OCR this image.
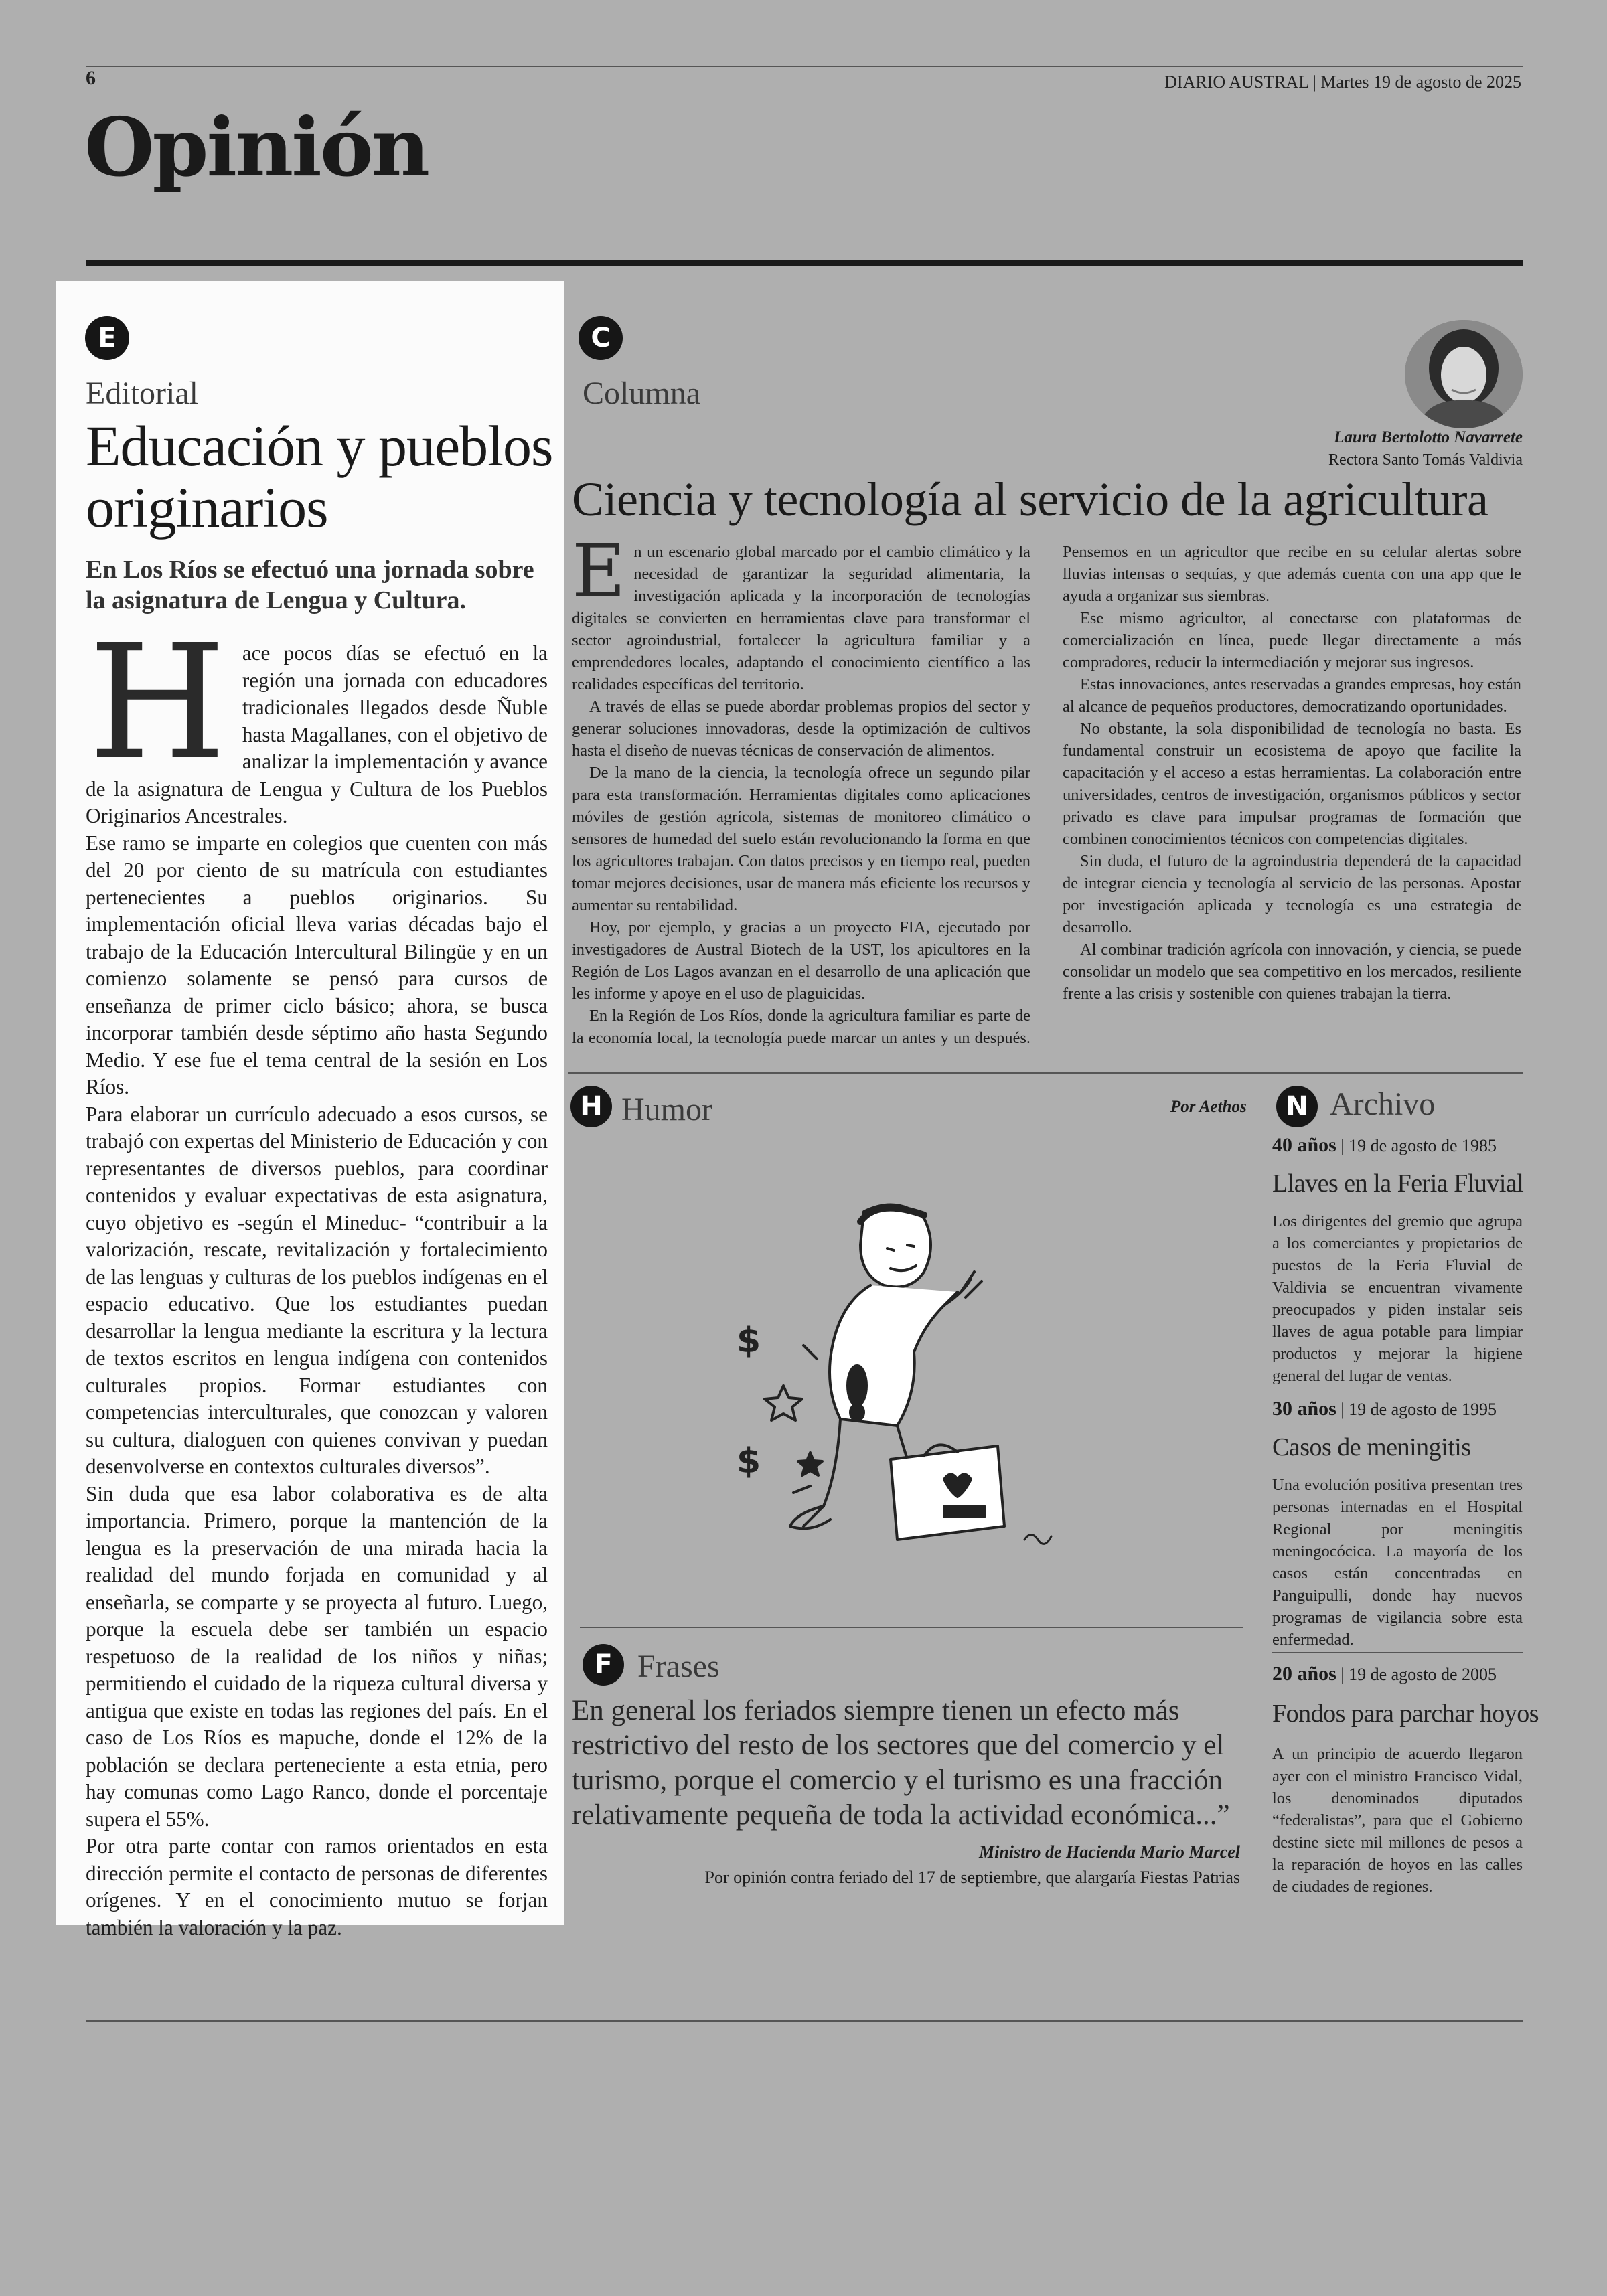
6	DIARIO AUSTRAL | Martes 19 de agosto de 2025
Opinión
E
Editorial
Educación y pueblos originarios
En Los Ríos se efectuó una jornada sobre la asignatura de Lengua y Cultura.
H ace pocos días se efectuó en la región una jornada con educadores tradicionales llegados desde Ñuble hasta Magallanes, con el objetivo de analizar la implementación y avance de la asignatura de Lengua y Cultura de los Pueblos Originarios Ancestrales.

Ese ramo se imparte en colegios que cuenten con más del 20 por ciento de su matrícula con estudiantes pertenecientes a pueblos originarios. Su implementación oficial lleva varias décadas bajo el trabajo de la Educación Intercultural Bilingüe y en un comienzo solamente se pensó para cursos de enseñanza de primer ciclo básico; ahora, se busca incorporar también desde séptimo año hasta Segundo Medio. Y ese fue el tema central de la sesión en Los Ríos.

Para elaborar un currículo adecuado a esos cursos, se trabajó con expertas del Ministerio de Educación y con representantes de diversos pueblos, para coordinar contenidos y evaluar expectativas de esta asignatura, cuyo objetivo es -según el Mineduc- “contribuir a la valorización, rescate, revitalización y fortalecimiento de las lenguas y culturas de los pueblos indígenas en el espacio educativo. Que los estudiantes puedan desarrollar la lengua mediante la escritura y la lectura de textos escritos en lengua indígena con contenidos culturales propios. Formar estudiantes con competencias interculturales, que conozcan y valoren su cultura, dialoguen con quienes convivan y puedan desenvolverse en contextos culturales diversos”.

Sin duda que esa labor colaborativa es de alta importancia. Primero, porque la mantención de la lengua es la preservación de una mirada hacia la realidad del mundo forjada en comunidad y al enseñarla, se comparte y se proyecta al futuro. Luego, porque la escuela debe ser también un espacio respetuoso de la realidad de los niños y niñas; permitiendo el cuidado de la riqueza cultural diversa y antigua que existe en todas las regiones del país. En el caso de Los Ríos es mapuche, donde el 12% de la población se declara perteneciente a esta etnia, pero hay comunas como Lago Ranco, donde el porcentaje supera el 55%.

Por otra parte contar con ramos orientados en esta dirección permite el contacto de personas de diferentes orígenes. Y en el conocimiento mutuo se forjan también la valoración y la paz.

C
Columna
Laura Bertolotto Navarrete
Rectora Santo Tomás Valdivia
Ciencia y tecnología al servicio de la agricultura
E n un escenario global marcado por el cambio climático y la necesidad de garantizar la seguridad alimentaria, la investigación aplicada y la incorporación de tecnologías digitales se convierten en herramientas clave para transformar el sector agroindustrial, fortalecer la agricultura familiar y a emprendedores locales, adaptando el conocimiento científico a las realidades específicas del territorio.

A través de ellas se puede abordar problemas propios del sector y generar soluciones innovadoras, desde la optimización de cultivos hasta el diseño de nuevas técnicas de conservación de alimentos.

De la mano de la ciencia, la tecnología ofrece un segundo pilar para esta transformación. Herramientas digitales como aplicaciones móviles de gestión agrícola, sistemas de monitoreo climático o sensores de humedad del suelo están revolucionando la forma en que los agricultores trabajan. Con datos precisos y en tiempo real, pueden tomar mejores decisiones, usar de manera más eficiente los recursos y aumentar su rentabilidad.

Hoy, por ejemplo, y gracias a un proyecto FIA, ejecutado por investigadores de Austral Biotech de la UST, los apicultores en la Región de Los Lagos avanzan en el desarrollo de una aplicación que les informe y apoye en el uso de plaguicidas.

En la Región de Los Ríos, donde la agricultura familiar es parte de la economía local, la tecnología puede marcar un antes y un después. Pensemos en un agricultor que recibe en su celular alertas sobre lluvias intensas o sequías, y que además cuenta con una app que le ayuda a organizar sus siembras.

Ese mismo agricultor, al conectarse con plataformas de comercialización en línea, puede llegar directamente a más compradores, reducir la intermediación y mejorar sus ingresos.

Estas innovaciones, antes reservadas a grandes empresas, hoy están al alcance de pequeños productores, democratizando oportunidades.

No obstante, la sola disponibilidad de tecnología no basta. Es fundamental construir un ecosistema de apoyo que facilite la capacitación y el acceso a estas herramientas. La colaboración entre universidades, centros de investigación, organismos públicos y sector privado es clave para impulsar programas de formación que combinen conocimientos técnicos con competencias digitales.

Sin duda, el futuro de la agroindustria dependerá de la capacidad de integrar ciencia y tecnología al servicio de las personas. Apostar por investigación aplicada y tecnología es una estrategia de desarrollo.

Al combinar tradición agrícola con innovación, y ciencia, se puede consolidar un modelo que sea competitivo en los mercados, resiliente frente a las crisis y sostenible con quienes trabajan la tierra.

H Humor	Por Aethos
$
$
F Frases
En general los feriados siempre tienen un efecto más restrictivo del resto de los sectores que del comercio y el turismo, porque el comercio y el turismo es una fracción relativamente pequeña de toda la actividad económica...”
Ministro de Hacienda Mario Marcel
Por opinión contra feriado del 17 de septiembre, que alargaría Fiestas Patrias
N Archivo
40 años | 19 de agosto de 1985
Llaves en la Feria Fluvial
Los dirigentes del gremio que agrupa a los comerciantes y propietarios de puestos de la Feria Fluvial de Valdivia se encuentran vivamente preocupados y piden instalar seis llaves de agua potable para limpiar productos y mejorar la higiene general del lugar de ventas.
30 años | 19 de agosto de 1995
Casos de meningitis
Una evolución positiva presentan tres personas internadas en el Hospital Regional por meningitis meningocócica. La mayoría de los casos están concentradas en Panguipulli, donde hay nuevos programas de vigilancia sobre esta enfermedad.
20 años | 19 de agosto de 2005
Fondos para parchar hoyos
A un principio de acuerdo llegaron ayer con el ministro Francisco Vidal, los denominados diputados “federalistas”, para que el Gobierno destine siete mil millones de pesos a la reparación de hoyos en las calles de ciudades de regiones.
